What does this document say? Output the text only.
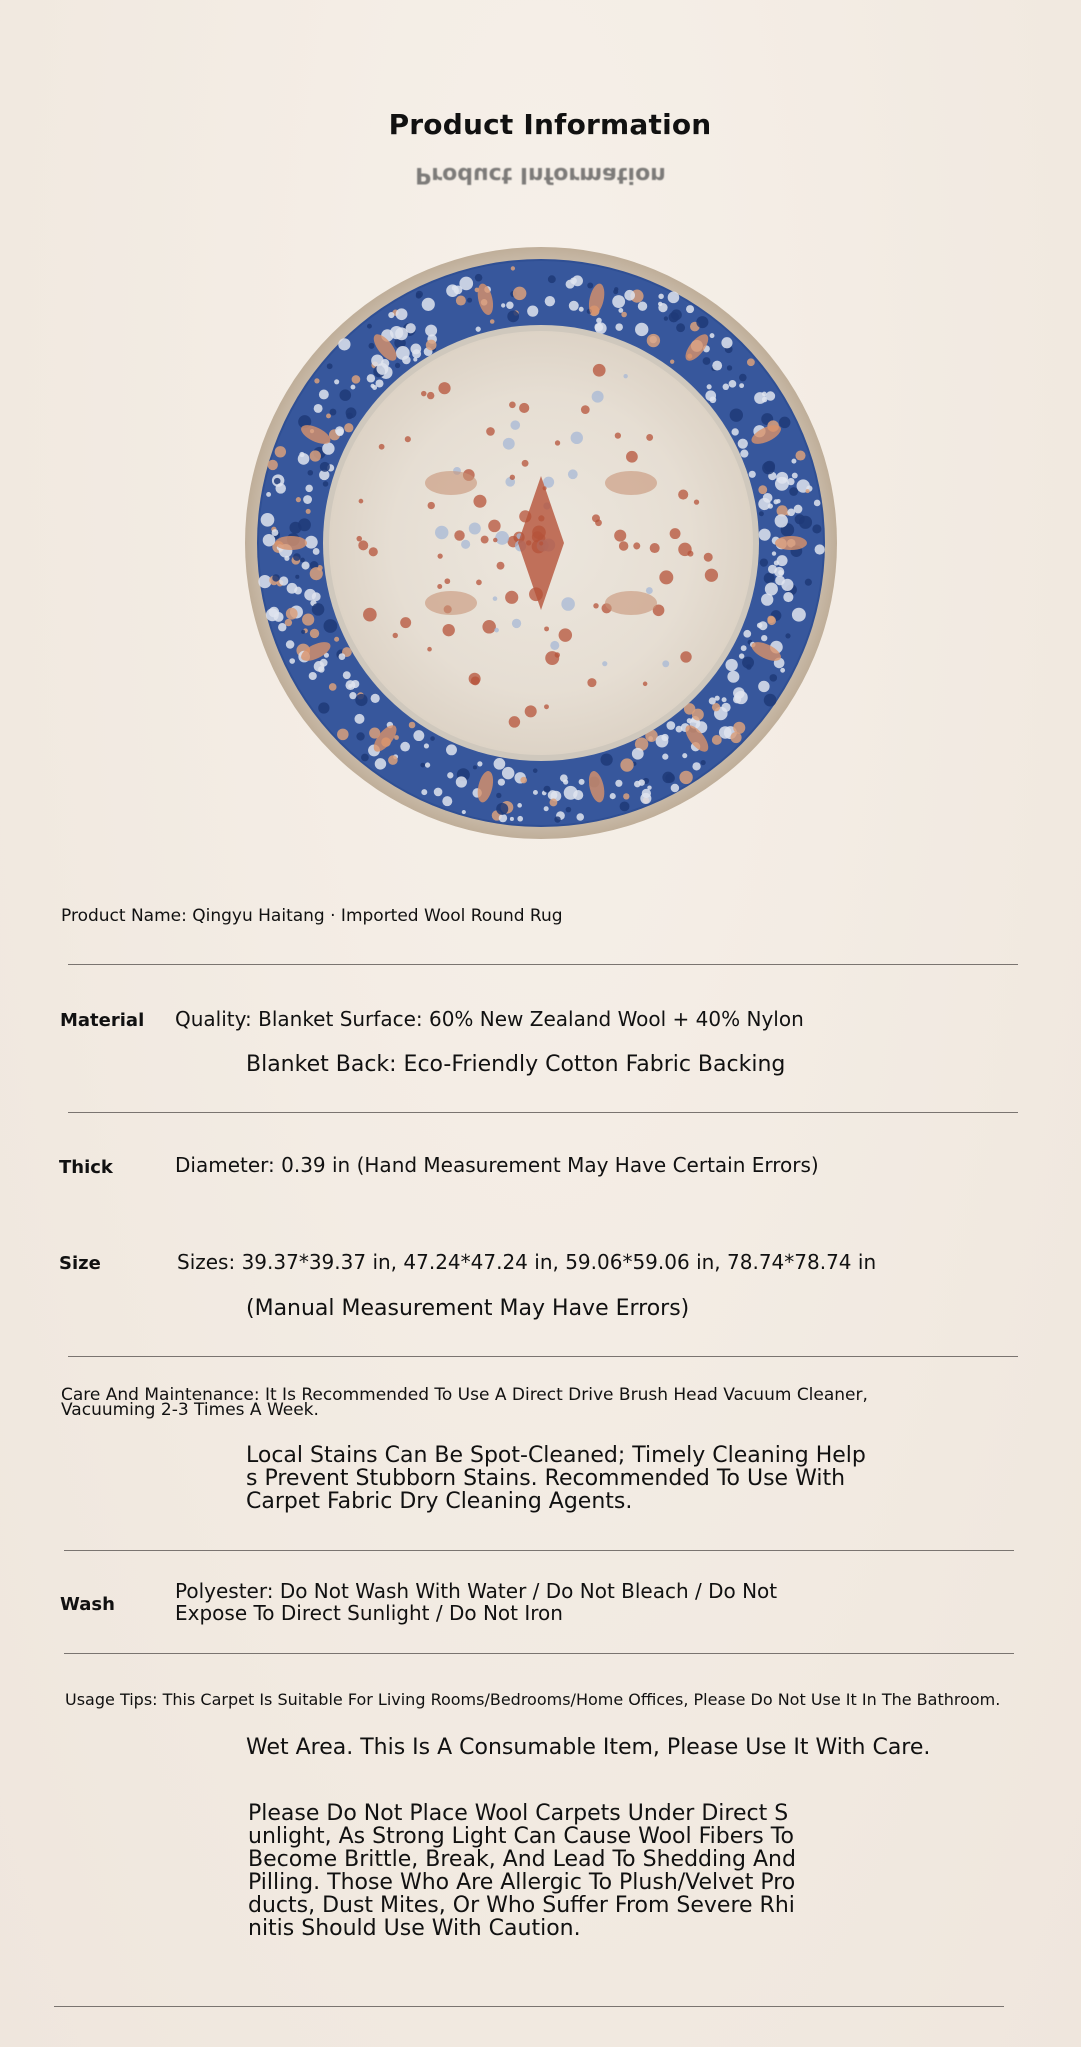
Product Information
Product Information
Product Name: Qingyu Haitang · Imported Wool Round Rug
Material Quality: Blanket Surface: 60% New Zealand Wool + 40% Nylon
Blanket Back: Eco-Friendly Cotton Fabric Backing
Thick	Diameter: 0.39 in (Hand Measurement May Have Certain Errors)
Size	Sizes: 39.37*39.37 in, 47.24*47.24 in, 59.06*59.06 in, 78.74*78.74 in
(Manual Measurement May Have Errors)
Care And Maintenance: It Is Recommended To Use A Direct Drive Brush Head Vacuum Cleaner,
Vacuuming 2-3 Times A Week.
Local Stains Can Be Spot-Cleaned; Timely Cleaning Help
s Prevent Stubborn Stains. Recommended To Use With
Carpet Fabric Dry Cleaning Agents.
Wash
Polyester: Do Not Wash With Water / Do Not Bleach / Do Not
Expose To Direct Sunlight / Do Not Iron
Usage Tips: This Carpet Is Suitable For Living Rooms/Bedrooms/Home Offices, Please Do Not Use It In The Bathroom.
Wet Area. This Is A Consumable Item, Please Use It With Care.
Please Do Not Place Wool Carpets Under Direct S
unlight, As Strong Light Can Cause Wool Fibers To
Become Brittle, Break, And Lead To Shedding And
Pilling. Those Who Are Allergic To Plush/Velvet Pro
ducts, Dust Mites, Or Who Suffer From Severe Rhi
nitis Should Use With Caution.
